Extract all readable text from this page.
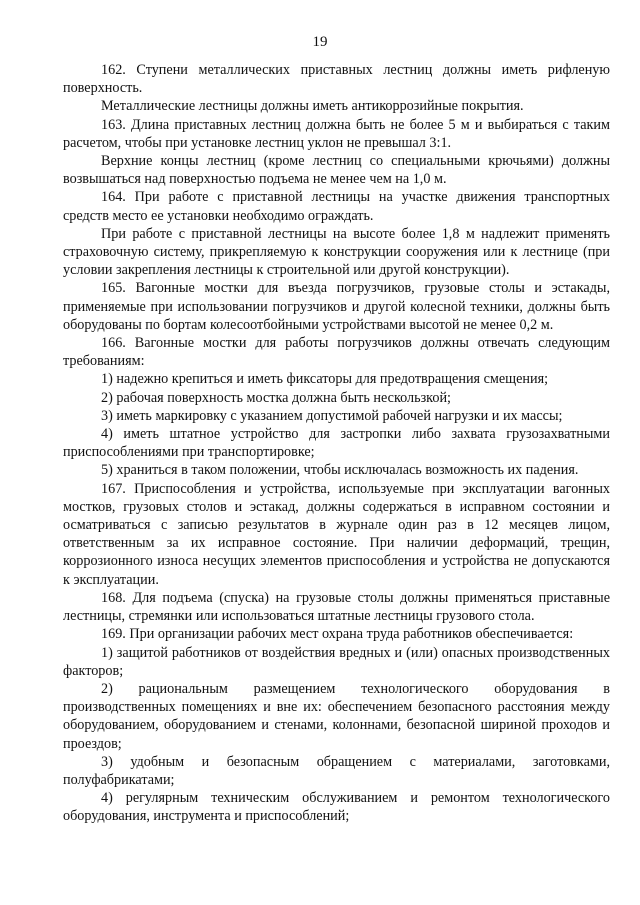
19

162. Ступени металлических приставных лестниц должны иметь рифленую поверхность.

Металлические лестницы должны иметь антикоррозийные покрытия.

163. Длина приставных лестниц должна быть не более 5 м и выбираться с таким расчетом, чтобы при установке лестниц уклон не превышал 3:1.

Верхние концы лестниц (кроме лестниц со специальными крючьями) должны возвышаться над поверхностью подъема не менее чем на 1,0 м.

164. При работе с приставной лестницы на участке движения транспортных средств место ее установки необходимо ограждать.

При работе с приставной лестницы на высоте более 1,8 м надлежит применять страховочную систему, прикрепляемую к конструкции сооружения или к лестнице (при условии закрепления лестницы к строительной или другой конструкции).

165. Вагонные мостки для въезда погрузчиков, грузовые столы и эстакады, применяемые при использовании погрузчиков и другой колесной техники, должны быть оборудованы по бортам колесоотбойными устройствами высотой не менее 0,2 м.

166. Вагонные мостки для работы погрузчиков должны отвечать следующим требованиям:

1) надежно крепиться и иметь фиксаторы для предотвращения смещения;

2) рабочая поверхность мостка должна быть нескользкой;

3) иметь маркировку с указанием допустимой рабочей нагрузки и их массы;

4) иметь штатное устройство для застропки либо захвата грузозахватными приспособлениями при транспортировке;

5) храниться в таком положении, чтобы исключалась возможность их падения.

167. Приспособления и устройства, используемые при эксплуатации вагонных мостков, грузовых столов и эстакад, должны содержаться в исправном состоянии и осматриваться с записью результатов в журнале один раз в 12 месяцев лицом, ответственным за их исправное состояние. При наличии деформаций, трещин, коррозионного износа несущих элементов приспособления и устройства не допускаются к эксплуатации.

168. Для подъема (спуска) на грузовые столы должны применяться приставные лестницы, стремянки или использоваться штатные лестницы грузового стола.

169. При организации рабочих мест охрана труда работников обеспечивается:

1) защитой работников от воздействия вредных и (или) опасных производственных факторов;

2) рациональным размещением технологического оборудования в производственных помещениях и вне их: обеспечением безопасного расстояния между оборудованием, оборудованием и стенами, колоннами, безопасной шириной проходов и проездов;

3) удобным и безопасным обращением с материалами, заготовками, полуфабрикатами;

4) регулярным техническим обслуживанием и ремонтом технологического оборудования, инструмента и приспособлений;
